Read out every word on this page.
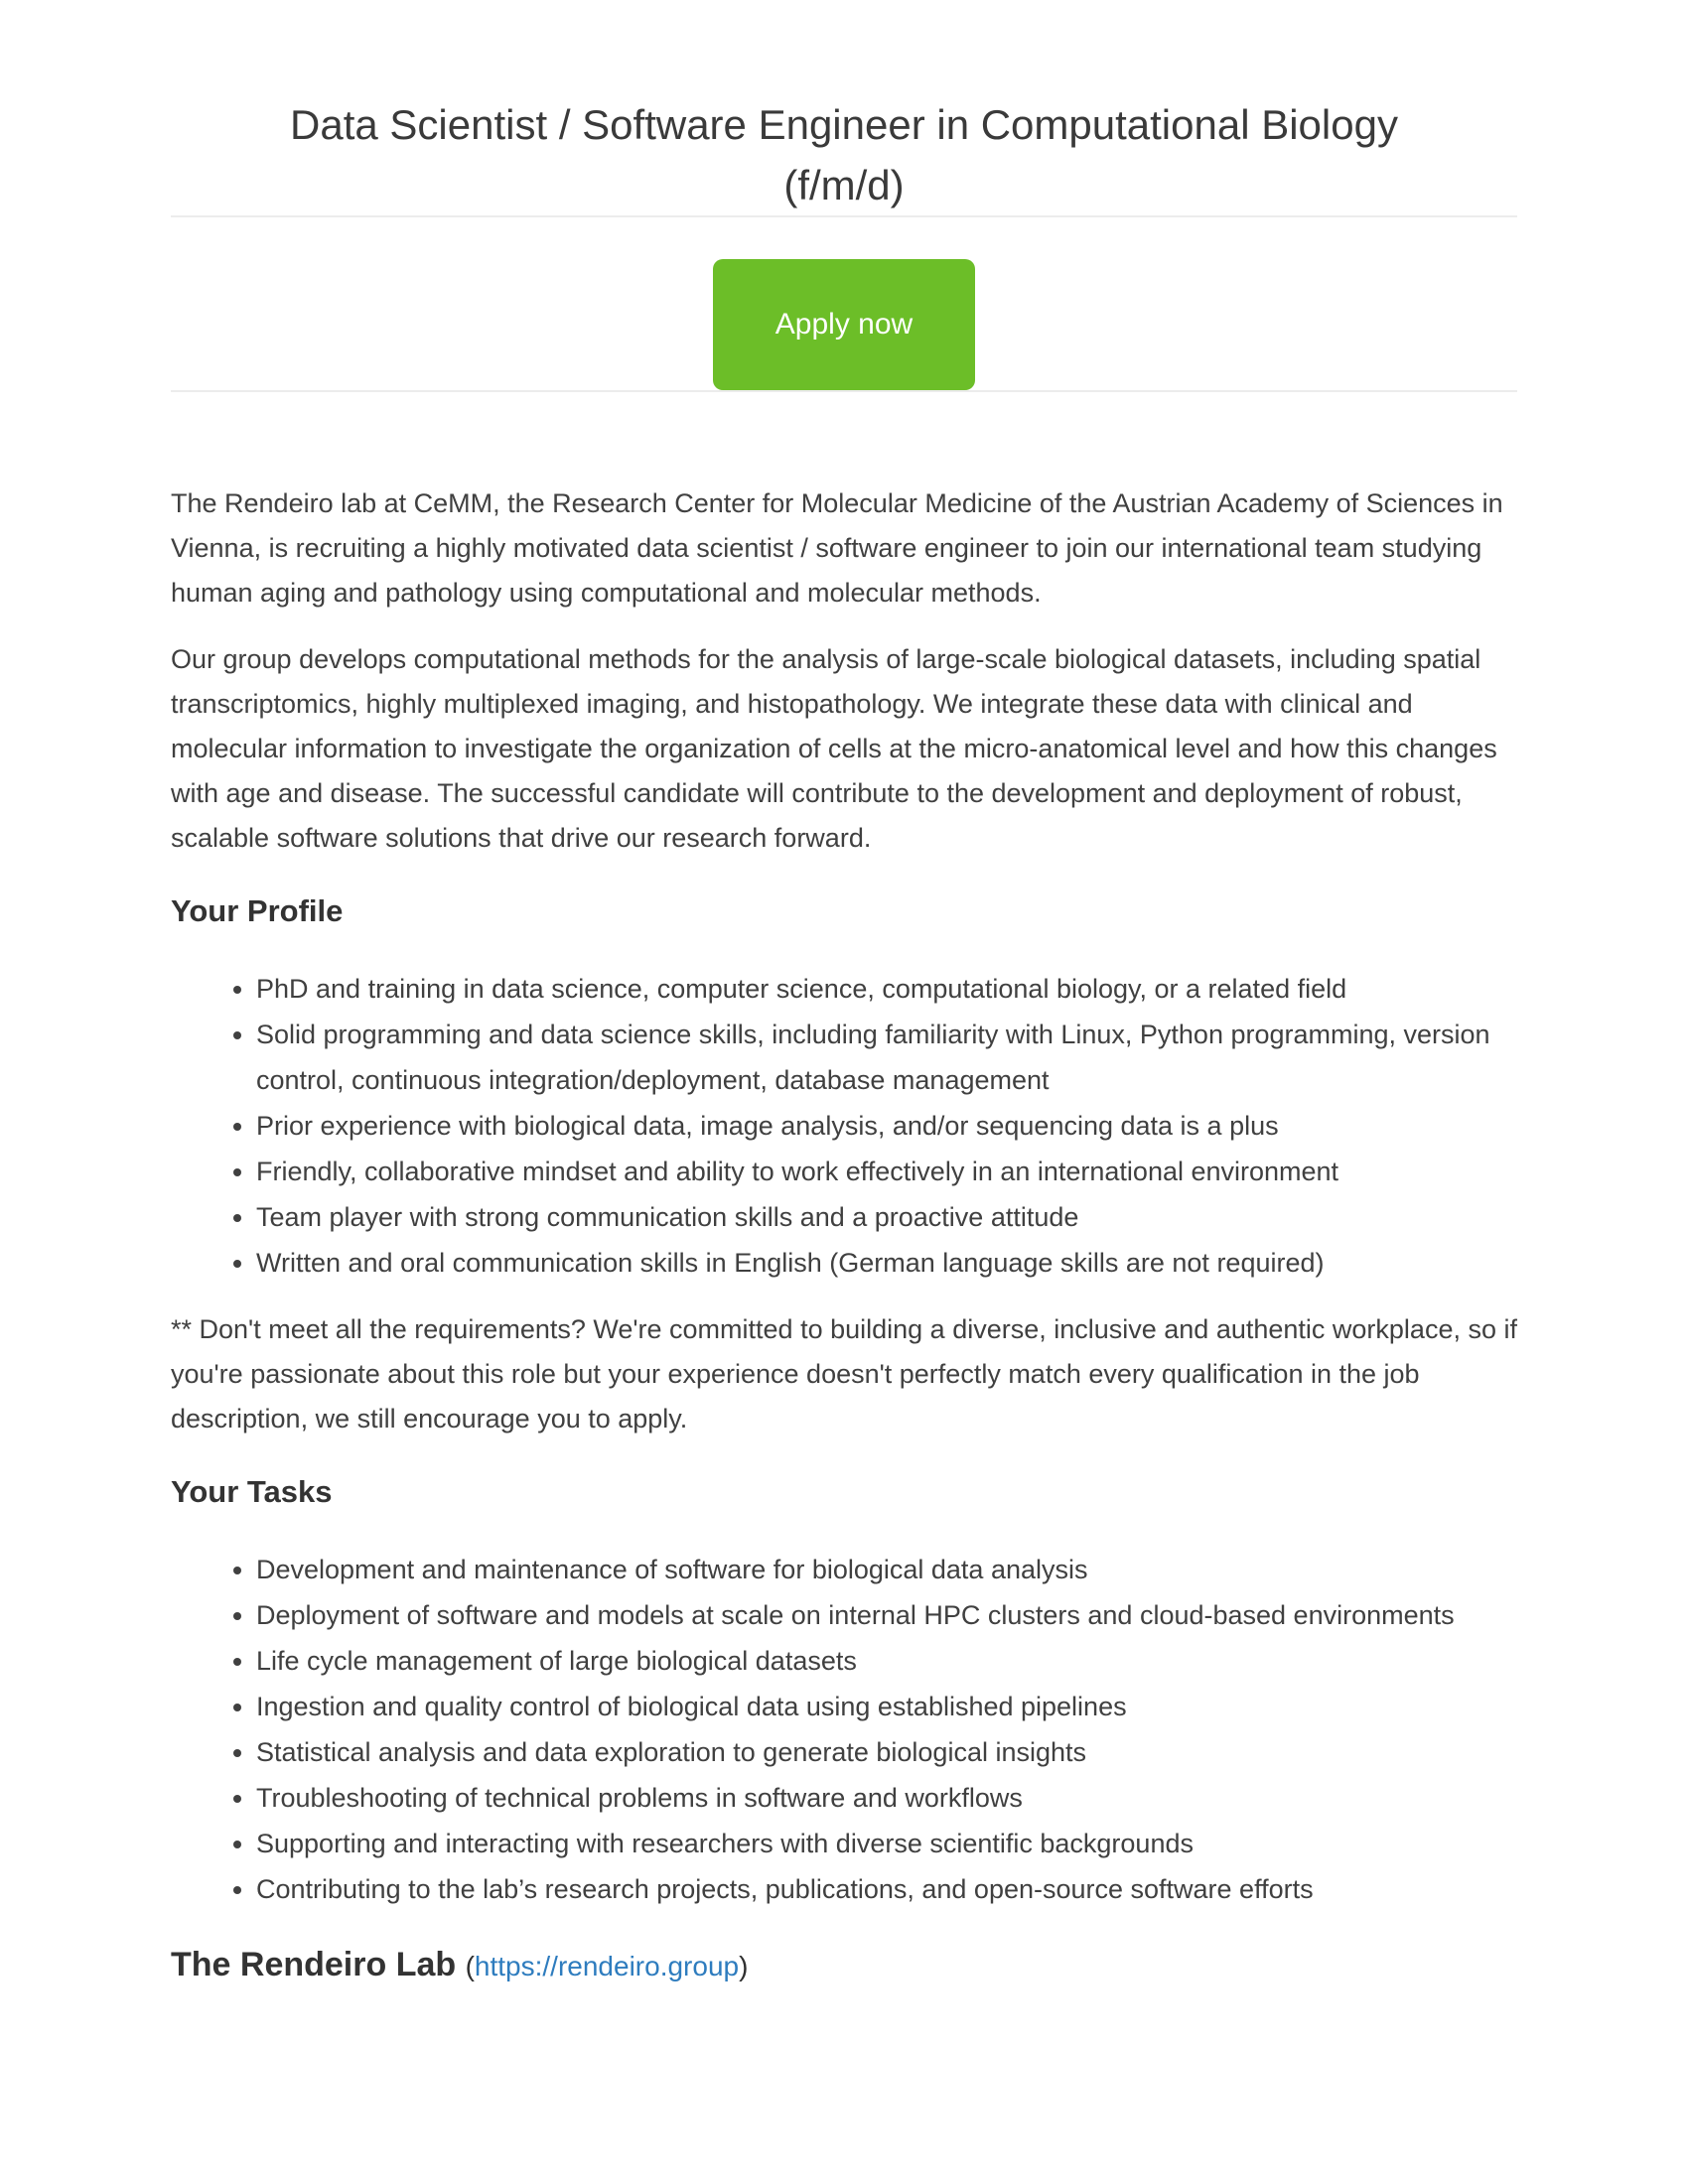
Data Scientist / Software Engineer in Computational Biology (f/m/d)
Apply now

The Rendeiro lab at CeMM, the Research Center for Molecular Medicine of the Austrian Academy of Sciences in Vienna, is recruiting a highly motivated data scientist / software engineer to join our international team studying human aging and pathology using computational and molecular methods.

Our group develops computational methods for the analysis of large-scale biological datasets, including spatial transcriptomics, highly multiplexed imaging, and histopathology. We integrate these data with clinical and molecular information to investigate the organization of cells at the micro-anatomical level and how this changes with age and disease. The successful candidate will contribute to the development and deployment of robust, scalable software solutions that drive our research forward.

Your Profile
• PhD and training in data science, computer science, computational biology, or a related field
• Solid programming and data science skills, including familiarity with Linux, Python programming, version control, continuous integration/deployment, database management
• Prior experience with biological data, image analysis, and/or sequencing data is a plus
• Friendly, collaborative mindset and ability to work effectively in an international environment
• Team player with strong communication skills and a proactive attitude
• Written and oral communication skills in English (German language skills are not required)

** Don't meet all the requirements? We're committed to building a diverse, inclusive and authentic workplace, so if you're passionate about this role but your experience doesn't perfectly match every qualification in the job description, we still encourage you to apply.

Your Tasks
• Development and maintenance of software for biological data analysis
• Deployment of software and models at scale on internal HPC clusters and cloud-based environments
• Life cycle management of large biological datasets
• Ingestion and quality control of biological data using established pipelines
• Statistical analysis and data exploration to generate biological insights
• Troubleshooting of technical problems in software and workflows
• Supporting and interacting with researchers with diverse scientific backgrounds
• Contributing to the lab’s research projects, publications, and open-source software efforts
The Rendeiro Lab (https://rendeiro.group)
